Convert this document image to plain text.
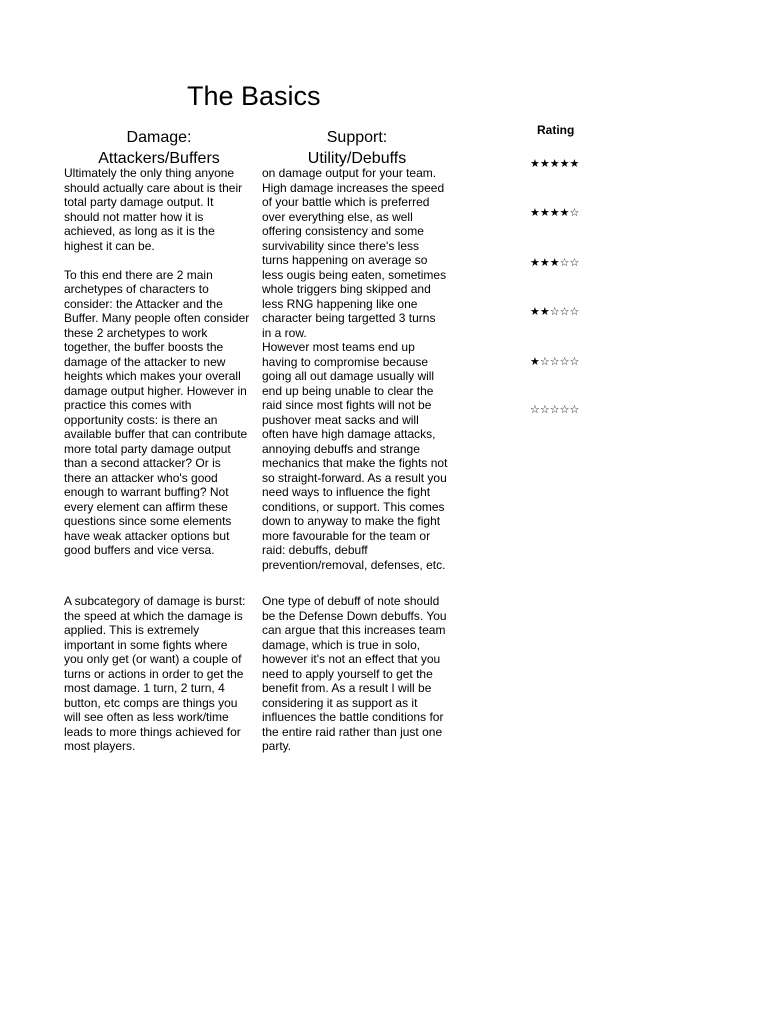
The Basics
Damage:
Attackers/Buffers
Support:
Utility/Debuffs

Ultimately the only thing anyone
should actually care about is their
total party damage output. It
should not matter how it is
achieved, as long as it is the
highest it can be.

To this end there are 2 main
archetypes of characters to
consider: the Attacker and the
Buffer. Many people often consider
these 2 archetypes to work
together, the buffer boosts the
damage of the attacker to new
heights which makes your overall
damage output higher. However in
practice this comes with
opportunity costs: is there an
available buffer that can contribute
more total party damage output
than a second attacker? Or is
there an attacker who's good
enough to warrant buffing? Not
every element can affirm these
questions since some elements
have weak attacker options but
good buffers and vice versa.

on damage output for your team.
High damage increases the speed
of your battle which is preferred
over everything else, as well
offering consistency and some
survivability since there's less
turns happening on average so
less ougis being eaten, sometimes
whole triggers bing skipped and
less RNG happening like one
character being targetted 3 turns
in a row.
However most teams end up
having to compromise because
going all out damage usually will
end up being unable to clear the
raid since most fights will not be
pushover meat sacks and will
often have high damage attacks,
annoying debuffs and strange
mechanics that make the fights not
so straight-forward. As a result you
need ways to influence the fight
conditions, or support. This comes
down to anyway to make the fight
more favourable for the team or
raid: debuffs, debuff
prevention/removal, defenses, etc.

A subcategory of damage is burst:
the speed at which the damage is
applied. This is extremely
important in some fights where
you only get (or want) a couple of
turns or actions in order to get the
most damage. 1 turn, 2 turn, 4
button, etc comps are things you
will see often as less work/time
leads to more things achieved for
most players.

One type of debuff of note should
be the Defense Down debuffs. You
can argue that this increases team
damage, which is true in solo,
however it's not an effect that you
need to apply yourself to get the
benefit from. As a result I will be
considering it as support as it
influences the battle conditions for
the entire raid rather than just one
party.

Rating
★★★★★
★★★★☆
★★★☆☆
★★☆☆☆
★☆☆☆☆
☆☆☆☆☆
